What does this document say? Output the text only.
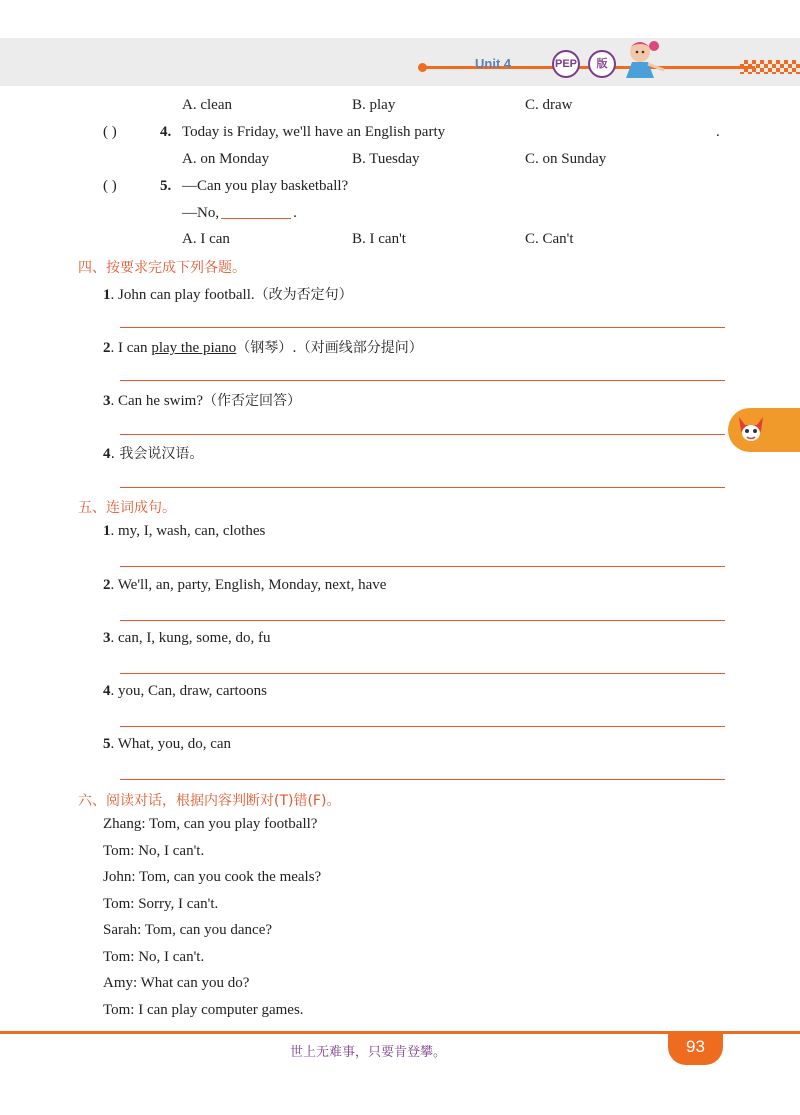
Unit 4	PEP	版
A. clean	B. play	C. draw
( )	4. Today is Friday, we'll have an English party	.
A. on Monday	B. Tuesday	C. on Sunday
( )	5. —Can you play basketball?
—No,	.
A. I can	B. I can't	C. Can't
四、按要求完成下列各题。
1. John can play football.（改为否定句）
2. I can play the piano（钢琴）.（对画线部分提问）
3. Can he swim?（作否定回答）
4. 我会说汉语。
五、连词成句。
1. my, I, wash, can, clothes
2. We'll, an, party, English, Monday, next, have
3. can, I, kung, some, do, fu
4. you, Can, draw, cartoons
5. What, you, do, can
六、阅读对话，根据内容判断对(T)错(F)。
Zhang: Tom, can you play football?
Tom: No, I can't.
John: Tom, can you cook the meals?
Tom: Sorry, I can't.
Sarah: Tom, can you dance?
Tom: No, I can't.
Amy: What can you do?
Tom: I can play computer games.
世上无难事，只要肯登攀。	93
